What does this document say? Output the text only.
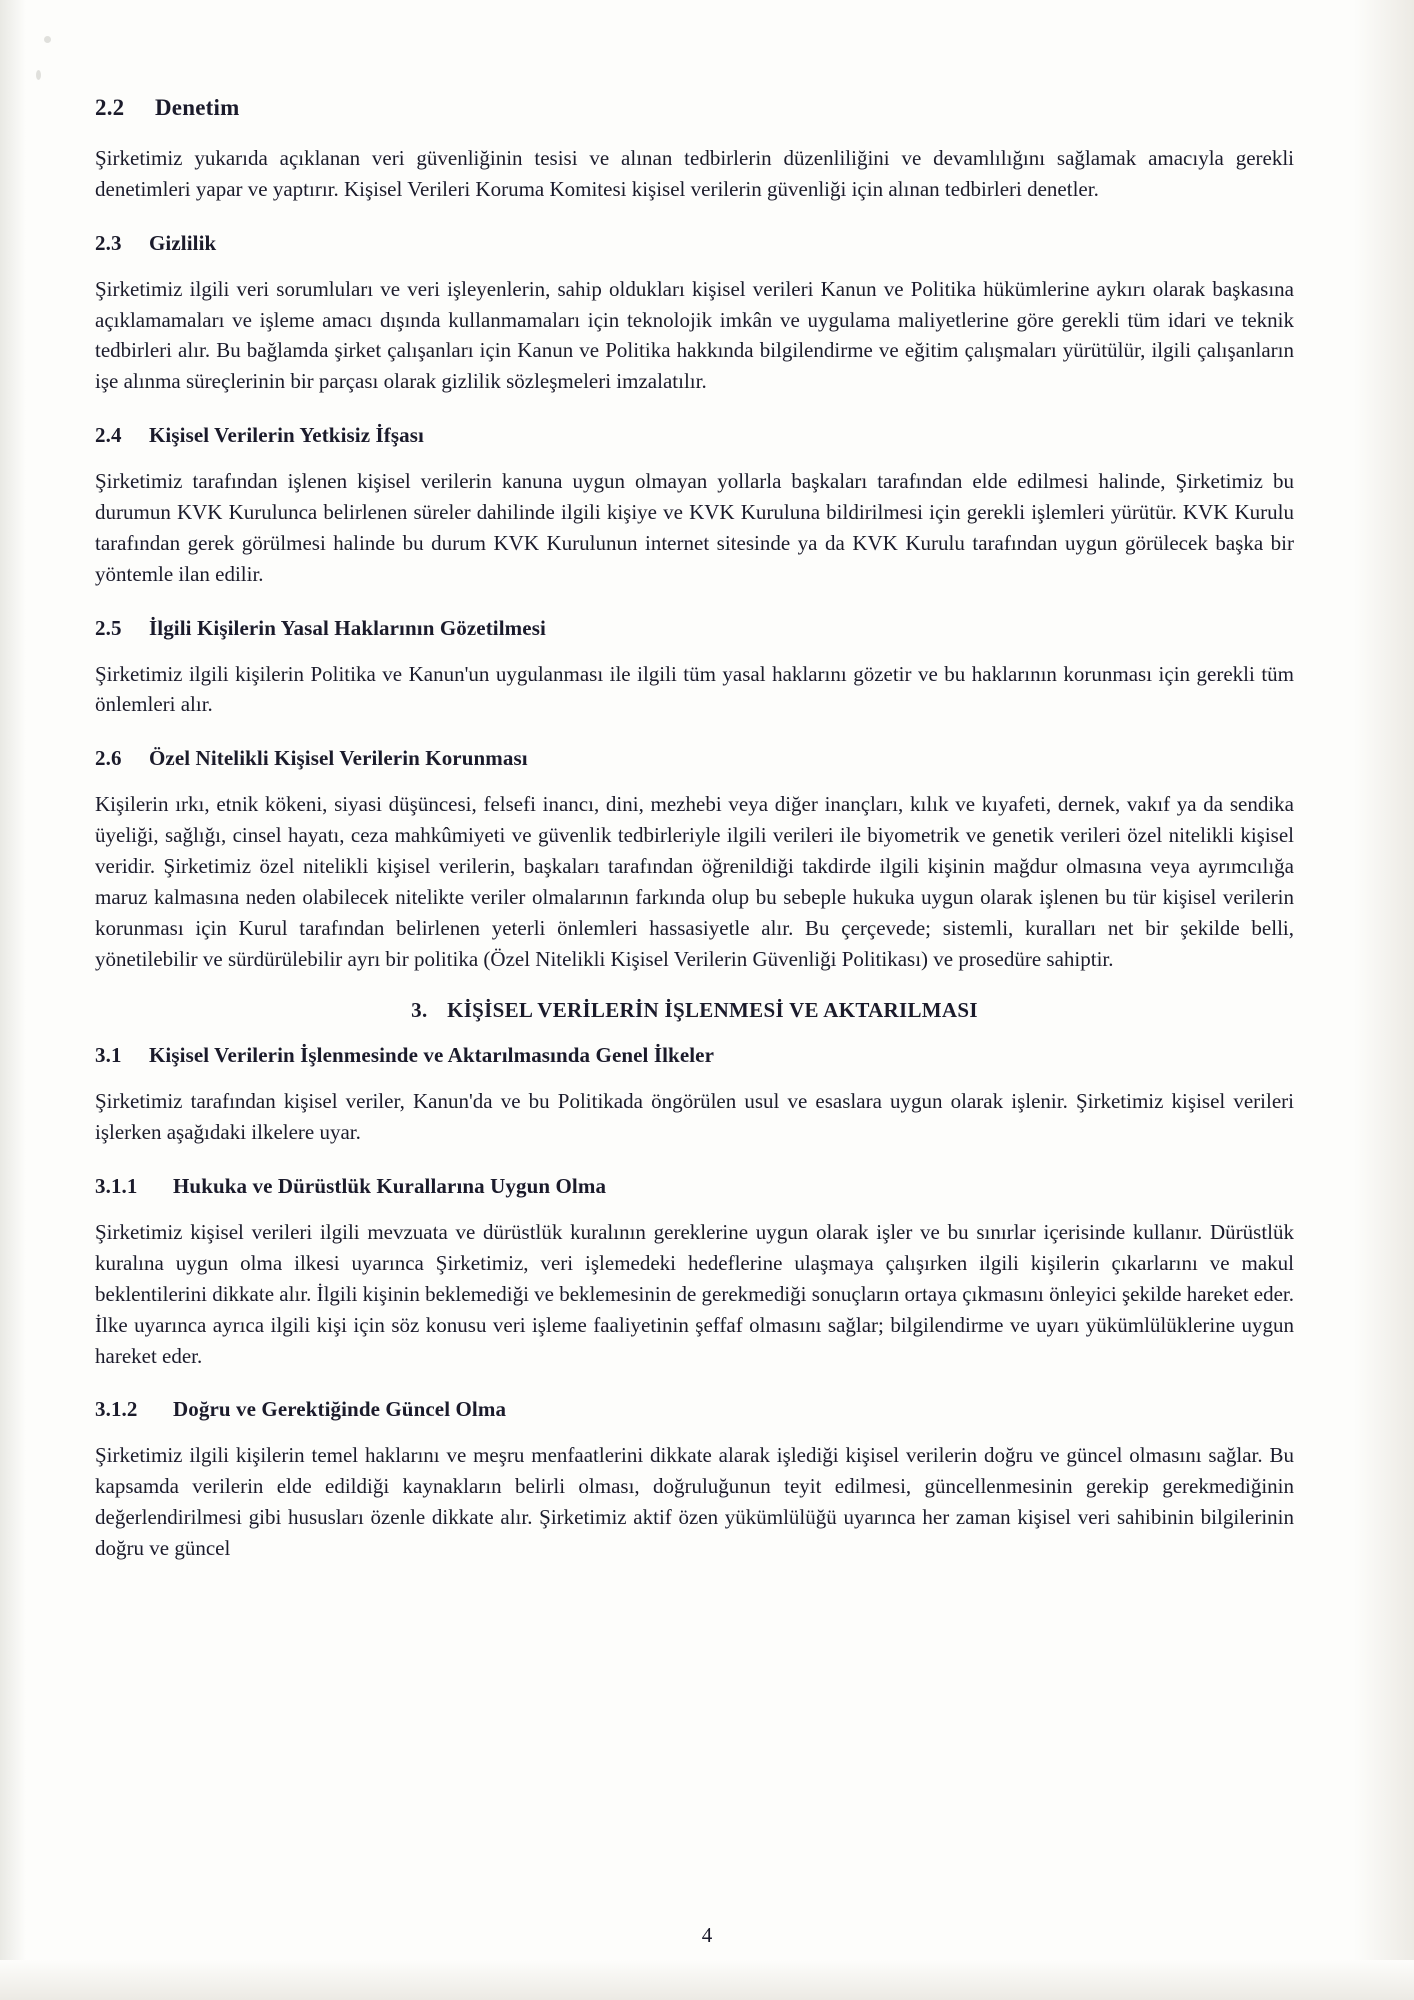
2.2 Denetim

Şirketimiz yukarıda açıklanan veri güvenliğinin tesisi ve alınan tedbirlerin düzenliliğini ve devamlılığını sağlamak amacıyla gerekli denetimleri yapar ve yaptırır. Kişisel Verileri Koruma Komitesi kişisel verilerin güvenliği için alınan tedbirleri denetler.

2.3	Gizlilik

Şirketimiz ilgili veri sorumluları ve veri işleyenlerin, sahip oldukları kişisel verileri Kanun ve Politika hükümlerine aykırı olarak başkasına açıklamamaları ve işleme amacı dışında kullanmamaları için teknolojik imkân ve uygulama maliyetlerine göre gerekli tüm idari ve teknik tedbirleri alır. Bu bağlamda şirket çalışanları için Kanun ve Politika hakkında bilgilendirme ve eğitim çalışmaları yürütülür, ilgili çalışanların işe alınma süreçlerinin bir parçası olarak gizlilik sözleşmeleri imzalatılır.

2.4	Kişisel Verilerin Yetkisiz İfşası

Şirketimiz tarafından işlenen kişisel verilerin kanuna uygun olmayan yollarla başkaları tarafından elde edilmesi halinde, Şirketimiz bu durumun KVK Kurulunca belirlenen süreler dahilinde ilgili kişiye ve KVK Kuruluna bildirilmesi için gerekli işlemleri yürütür. KVK Kurulu tarafından gerek görülmesi halinde bu durum KVK Kurulunun internet sitesinde ya da KVK Kurulu tarafından uygun görülecek başka bir yöntemle ilan edilir.

2.5	İlgili Kişilerin Yasal Haklarının Gözetilmesi

Şirketimiz ilgili kişilerin Politika ve Kanun'un uygulanması ile ilgili tüm yasal haklarını gözetir ve bu haklarının korunması için gerekli tüm önlemleri alır.

2.6	Özel Nitelikli Kişisel Verilerin Korunması

Kişilerin ırkı, etnik kökeni, siyasi düşüncesi, felsefi inancı, dini, mezhebi veya diğer inançları, kılık ve kıyafeti, dernek, vakıf ya da sendika üyeliği, sağlığı, cinsel hayatı, ceza mahkûmiyeti ve güvenlik tedbirleriyle ilgili verileri ile biyometrik ve genetik verileri özel nitelikli kişisel veridir. Şirketimiz özel nitelikli kişisel verilerin, başkaları tarafından öğrenildiği takdirde ilgili kişinin mağdur olmasına veya ayrımcılığa maruz kalmasına neden olabilecek nitelikte veriler olmalarının farkında olup bu sebeple hukuka uygun olarak işlenen bu tür kişisel verilerin korunması için Kurul tarafından belirlenen yeterli önlemleri hassasiyetle alır. Bu çerçevede; sistemli, kuralları net bir şekilde belli, yönetilebilir ve sürdürülebilir ayrı bir politika (Özel Nitelikli Kişisel Verilerin Güvenliği Politikası) ve prosedüre sahiptir.

3. KİŞİSEL VERİLERİN İŞLENMESİ VE AKTARILMASI
3.1	Kişisel Verilerin İşlenmesinde ve Aktarılmasında Genel İlkeler

Şirketimiz tarafından kişisel veriler, Kanun'da ve bu Politikada öngörülen usul ve esaslara uygun olarak işlenir. Şirketimiz kişisel verileri işlerken aşağıdaki ilkelere uyar.

3.1.1	Hukuka ve Dürüstlük Kurallarına Uygun Olma

Şirketimiz kişisel verileri ilgili mevzuata ve dürüstlük kuralının gereklerine uygun olarak işler ve bu sınırlar içerisinde kullanır. Dürüstlük kuralına uygun olma ilkesi uyarınca Şirketimiz, veri işlemedeki hedeflerine ulaşmaya çalışırken ilgili kişilerin çıkarlarını ve makul beklentilerini dikkate alır. İlgili kişinin beklemediği ve beklemesinin de gerekmediği sonuçların ortaya çıkmasını önleyici şekilde hareket eder. İlke uyarınca ayrıca ilgili kişi için söz konusu veri işleme faaliyetinin şeffaf olmasını sağlar; bilgilendirme ve uyarı yükümlülüklerine uygun hareket eder.

3.1.2	Doğru ve Gerektiğinde Güncel Olma

Şirketimiz ilgili kişilerin temel haklarını ve meşru menfaatlerini dikkate alarak işlediği kişisel verilerin doğru ve güncel olmasını sağlar. Bu kapsamda verilerin elde edildiği kaynakların belirli olması, doğruluğunun teyit edilmesi, güncellenmesinin gerekip gerekmediğinin değerlendirilmesi gibi hususları özenle dikkate alır. Şirketimiz aktif özen yükümlülüğü uyarınca her zaman kişisel veri sahibinin bilgilerinin doğru ve güncel

4
